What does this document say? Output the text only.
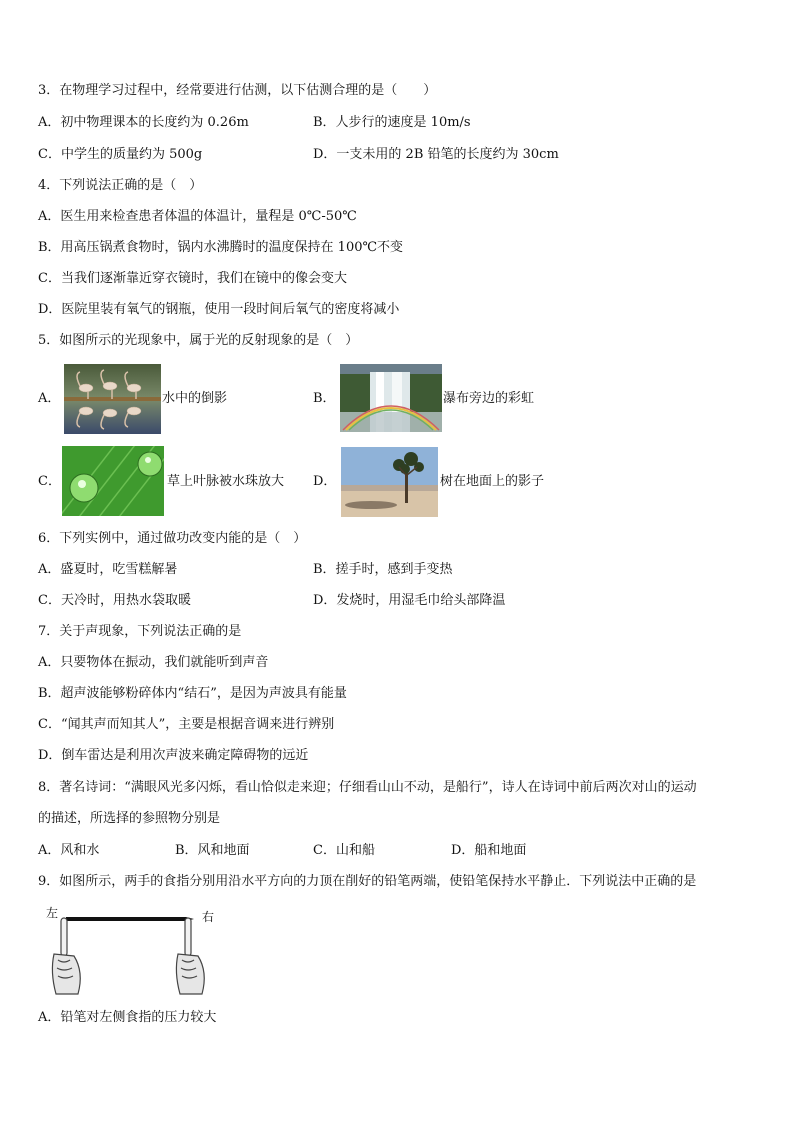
3．在物理学习过程中，经常要进行估测，以下估测合理的是（　　）
A．初中物理课本的长度约为 0.26m	B．人步行的速度是 10m/s
C．中学生的质量约为 500g	D．一支未用的 2B 铅笔的长度约为 30cm
4．下列说法正确的是（　）
A．医生用来检查患者体温的体温计，量程是 0℃-50℃
B．用高压锅煮食物时，锅内水沸腾时的温度保持在 100℃不变
C．当我们逐渐靠近穿衣镜时，我们在镜中的像会变大
D．医院里装有氧气的钢瓶，使用一段时间后氧气的密度将减小
5．如图所示的光现象中，属于光的反射现象的是（　）
A．	水中的倒影	B．	瀑布旁边的彩虹
C．	草上叶脉被水珠放大 D．	树在地面上的影子
6．下列实例中，通过做功改变内能的是（　）
A．盛夏时，吃雪糕解暑	B．搓手时，感到手变热
C．天冷时，用热水袋取暖	D．发烧时，用湿毛巾给头部降温
7．关于声现象，下列说法正确的是
A．只要物体在振动，我们就能听到声音
B．超声波能够粉碎体内“结石”，是因为声波具有能量
C．“闻其声而知其人”，主要是根据音调来进行辨别
D．倒车雷达是利用次声波来确定障碍物的远近
8．著名诗词：“满眼风光多闪烁，看山恰似走来迎；仔细看山山不动，是船行”，诗人在诗词中前后两次对山的运动
的描述，所选择的参照物分别是
A．风和水	B．风和地面	C．山和船	D．船和地面
9．如图所示，两手的食指分别用沿水平方向的力顶在削好的铅笔两端，使铅笔保持水平静止．下列说法中正确的是
左	右
A．铅笔对左侧食指的压力较大
